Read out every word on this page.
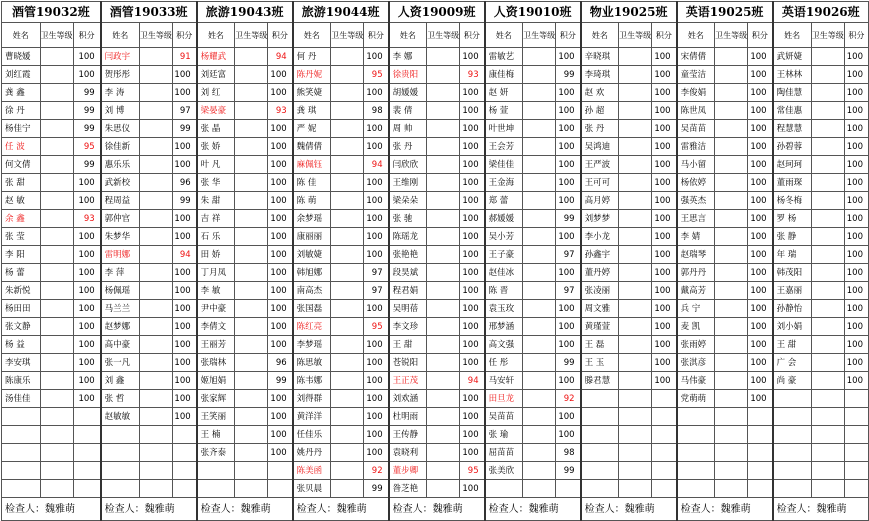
酒管19032班			酒管19033班			旅游19043班			旅游19044班			人资19009班			人资19010班			物业19025班			英语19025班			英语19026班		
姓名	卫生等级	积分	姓名	卫生等级	积分	姓名	卫生等级	积分	姓名	卫生等级	积分	姓名	卫生等级	积分	姓名	卫生等级	积分	姓名	卫生等级	积分	姓名	卫生等级	积分	姓名	卫生等级	积分
曹晓媛		100	闫政宇		91	杨耀武		94	何 丹		100	李 娜		100	雷敏艺		100	辛晓琪		100	宋倩倩		100	武妍婕		100
刘红霞		100	贺彤彤		100	刘廷富		100	陈丹妮		95	徐贵阳		93	康佳梅		99	李琦琪		100	童莹洁		100	王林林		100
龚 鑫		99	李 涛		100	刘 红		100	熊笑婕		100	胡媛媛		100	赵 妍		100	赵 欢		100	李俊娟		100	陶佳慧		100
徐 丹		99	刘 博		97	梁晏豪		93	龚 琪		98	裴 倩		100	杨 萱		100	孙 超		100	陈世凤		100	常佳惠		100
杨佳宁		99	朱思仪		99	张 晶		100	严 妮		100	周 帅		100	叶世坤		100	张 丹		100	吴苗苗		100	程慧慧		100
任 波		95	徐佳新		100	张 娇		100	魏倩倩		100	张 丹		100	王会芳		100	吴鸿迪		100	雷雅洁		100	孙碧蓉		100
何文倩		99	惠乐乐		100	叶 凡		100	麻佩钰		94	闫欣欣		100	梁佳佳		100	王严波		100	马小留		100	赵珂珂		100
张 甜		100	武新校		96	张 华		100	陈 佳		100	王维刚		100	王金海		100	王可可		100	杨依婷		100	董雨琛		100
赵 敏		100	程周益		99	朱 甜		100	陈 萌		100	梁朵朵		100	郑 蕾		100	高月婷		100	强英杰		100	杨冬梅		100
余 鑫		93	郭仲官		100	吉 祥		100	余梦瑶		100	张 驰		100	郝媛媛		99	刘梦梦		100	王思言		100	罗 杨		100
张 莹		100	朱梦华		100	石 乐		100	康丽丽		100	陈瑶龙		100	吴小芳		100	李小龙		100	李 婧		100	张 静		100
李 阳		100	雷明娜		94	田 娇		100	刘敏婕		100	张艳艳		100	王子豪		97	孙鑫宇		100	赵瑞琴		100	年 瑞		100
杨 蕾		100	李 萍		100	丁月凤		100	韩旭娜		97	段昊斌		100	赵佳冰		100	董丹婷		100	郭丹丹		100	韩茂阳		100
朱新悦		100	杨佩瑶		100	李 敏		100	南高杰		97	程君娟		100	陈 晋		97	张凌丽		100	戴高芳		100	王嘉丽		100
杨田田		100	马兰兰		100	尹中豪		100	张国磊		100	吴明蓓		100	袁玉玫		100	周文雅		100	兵 宁		100	孙静怡		100
张文静		100	赵梦娜		100	李倩文		100	陈红亮		95	李文珍		100	邢梦涵		100	黄瑾萱		100	麦 凯		100	刘小娟		100
杨 益		100	高中豪		100	王丽芳		100	李梦瑶		100	王 甜		100	高文强		100	王 磊		100	张雨婷		100	王 甜		100
李安琪		100	张一凡		100	张瑞林		96	陈思敏		100	苍锐阳		100	任 彤		99	王 玉		100	张淇彦		100	广 会		100
陈康乐		100	刘 鑫		100	姬旭娟		99	陈韦娜		100	王正茂		94	马安轩		100	滕君慧		100	马伟豪		100	尚 豪		100
汤佳佳		100	张 哲		100	张家辉		100	刘得群		100	刘欢涵		100	田旦龙		92				党萌萌		100			
			赵敏敏		100	王笑丽		100	黄洋洋		100	杜明雨		100	吴苗苗		100									
						王 楠		100	任佳乐		100	王传静		100	张 瑜		100									
						张齐泰		100	姚丹丹		100	袁晓利		100	屈苗苗		98									
									陈美函		92	董步卿		95	张美欣		99									
									张贝晨		99	昝芝艳		100												
检查人：魏雅萌			检查人：魏雅萌			检查人：魏雅萌			检查人：魏雅萌			检查人：魏雅萌			检查人：魏雅萌			检查人：魏雅萌			检查人：魏雅萌			检查人：魏雅萌		
